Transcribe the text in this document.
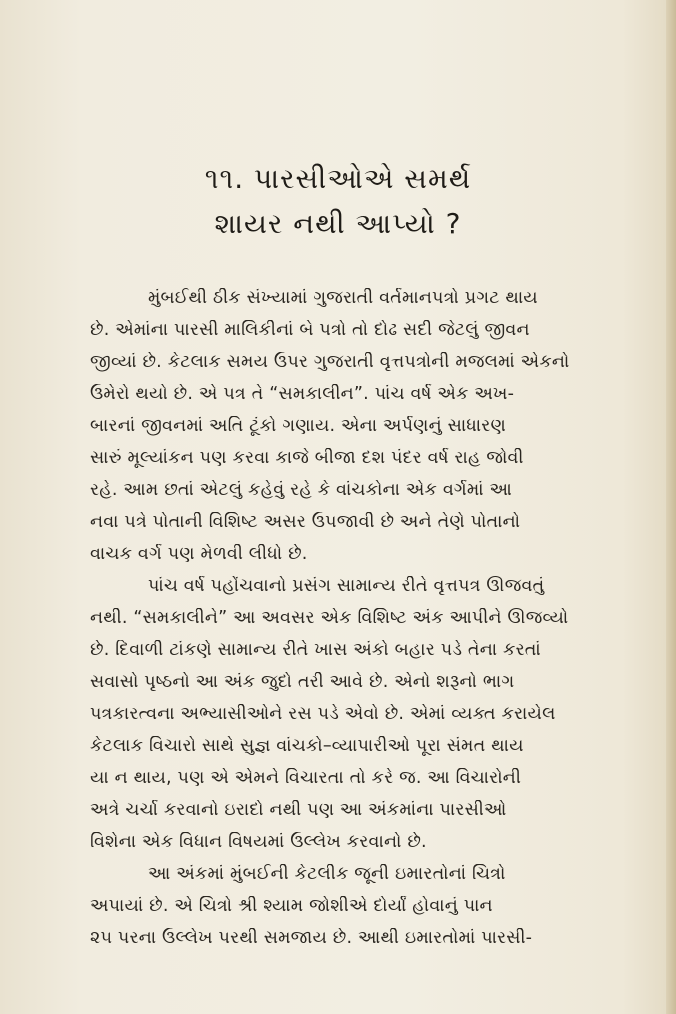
૧૧. પારસીઓએ સમર્થ
શાયર નથી આપ્યો ?
મુંબઈથી ઠીક સંખ્યામાં ગુજરાતી વર્તમાનપત્રો પ્રગટ થાય
છે. એમાંના પારસી માલિકીનાં બે પત્રો તો દોઢ સદી જેટલું જીવન
જીવ્યાં છે. કેટલાક સમય ઉપર ગુજરાતી વૃત્તપત્રોની મજલમાં એકનો
ઉમેરો થયો છે. એ પત્ર તે “સમકાલીન”. પાંચ વર્ષ એક અખ-
બારનાં જીવનમાં અતિ ટૂંકો ગણાય. એના અર્પણનું સાધારણ
સારું મૂલ્યાંકન પણ કરવા કાજે બીજા દશ પંદર વર્ષ રાહ જોવી
રહે. આમ છતાં એટલું કહેવું રહે કે વાંચકોના એક વર્ગમાં આ
નવા પત્રે પોતાની વિશિષ્ટ અસર ઉપજાવી છે અને તેણે પોતાનો
વાચક વર્ગ પણ મેળવી લીધો છે.
પાંચ વર્ષ પહોંચવાનો પ્રસંગ સામાન્ય રીતે વૃત્તપત્ર ઊજવતું
નથી. “સમકાલીને” આ અવસર એક વિશિષ્ટ અંક આપીને ઊજવ્યો
છે. દિવાળી ટાંકણે સામાન્ય રીતે ખાસ અંકો બહાર પડે તેના કરતાં
સવાસો પૃષ્ઠનો આ અંક જુદો તરી આવે છે. એનો શરૂનો ભાગ
પત્રકારત્વના અભ્યાસીઓને રસ પડે એવો છે. એમાં વ્યક્ત કરાયેલ
કેટલાક વિચારો સાથે સુજ્ઞ વાંચકો–વ્યાપારીઓ પૂરા સંમત થાય
યા ન થાય, પણ એ એમને વિચારતા તો કરે જ. આ વિચારોની
અત્રે ચર્ચા કરવાનો ઇરાદો નથી પણ આ અંકમાંના પારસીઓ
વિશેના એક વિધાન વિષયમાં ઉલ્લેખ કરવાનો છે.
આ અંકમાં મુંબઈની કેટલીક જૂની ઇમારતોનાં ચિત્રો
અપાયાં છે. એ ચિત્રો શ્રી શ્યામ જોશીએ દોર્યાં હોવાનું પાન
૨૫ પરના ઉલ્લેખ પરથી સમજાય છે. આથી ઇમારતોમાં પારસી-
